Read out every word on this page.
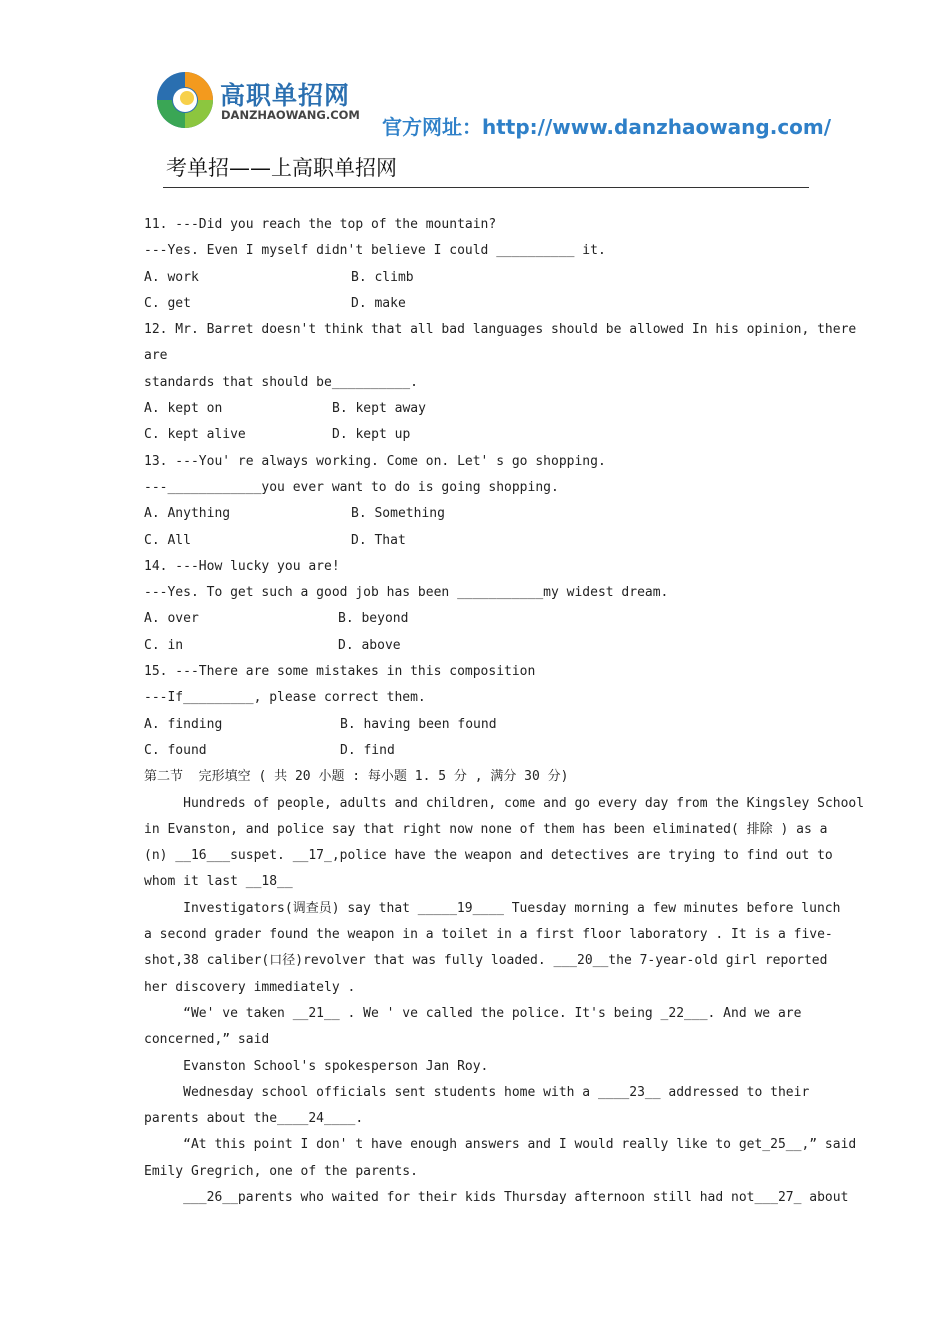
高职单招网
DANZHAOWANG.COM 官方网址：http://www.danzhaowang.com/
考单招——上高职单招网
11. ---Did you reach the top of the mountain?
---Yes. Even I myself didn't believe I could __________ it.
A. work	B. climb
C. get	D. make
12. Mr. Barret doesn't think that all bad languages should be allowed In his opinion, there
are
standards that should be__________.
A. kept on	B. kept away
C. kept alive	D. kept up
13. ---You' re always working. Come on. Let' s go shopping.
---____________you ever want to do is going shopping.
A. Anything	B. Something
C. All	D. That
14. ---How lucky you are!
---Yes. To get such a good job has been ___________my widest dream.
A. over	B. beyond
C. in	D. above
15. ---There are some mistakes in this composition
---If_________, please correct them.
A. finding	B. having been found
C. found	D. find
第二节  完形填空 ( 共 20 小题 : 每小题 1. 5 分 , 满分 30 分)
Hundreds of people, adults and children, come and go every day from the Kingsley School
in Evanston, and police say that right now none of them has been eliminated( 排除 ) as a
(n) __16___suspet. __17_,police have the weapon and detectives are trying to find out to
whom it last __18__
Investigators(调查员) say that _____19____ Tuesday morning a few minutes before lunch
a second grader found the weapon in a toilet in a first floor laboratory . It is a five-
shot,38 caliber(口径)revolver that was fully loaded. ___20__the 7-year-old girl reported
her discovery immediately .
“We' ve taken __21__ . We ' ve called the police. It's being _22___. And we are
concerned,” said
Evanston School's spokesperson Jan Roy.
Wednesday school officials sent students home with a ____23__ addressed to their
parents about the____24____.
“At this point I don' t have enough answers and I would really like to get_25__,” said
Emily Gregrich, one of the parents.
___26__parents who waited for their kids Thursday afternoon still had not___27_ about
